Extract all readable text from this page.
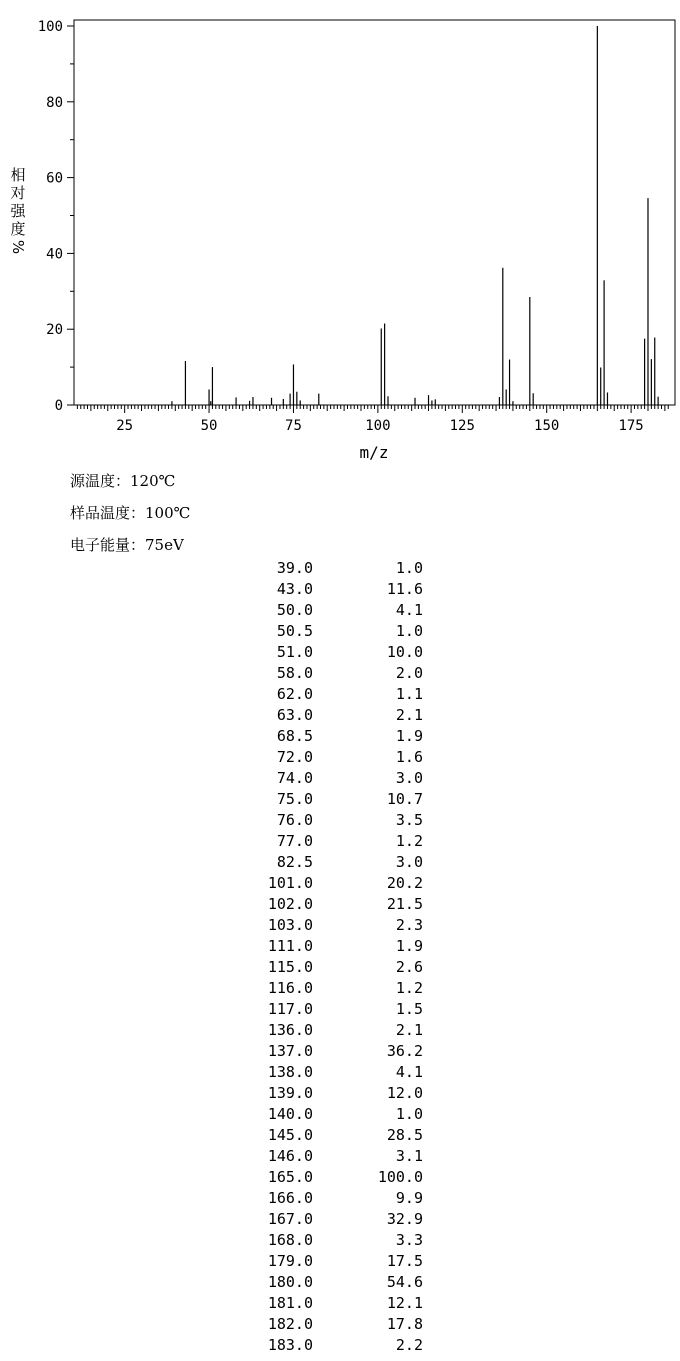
0
20
40
60
80
100
25	50	75	100	125	150	175
m/z
相
对
强
度
%
源温度：120℃
样品温度：100℃
电子能量：75eV
39.0	1.0
43.0	11.6
50.0	4.1
50.5	1.0
51.0	10.0
58.0	2.0
62.0	1.1
63.0	2.1
68.5	1.9
72.0	1.6
74.0	3.0
75.0	10.7
76.0	3.5
77.0	1.2
82.5	3.0
101.0	20.2
102.0	21.5
103.0	2.3
111.0	1.9
115.0	2.6
116.0	1.2
117.0	1.5
136.0	2.1
137.0	36.2
138.0	4.1
139.0	12.0
140.0	1.0
145.0	28.5
146.0	3.1
165.0	100.0
166.0	9.9
167.0	32.9
168.0	3.3
179.0	17.5
180.0	54.6
181.0	12.1
182.0	17.8
183.0	2.2
